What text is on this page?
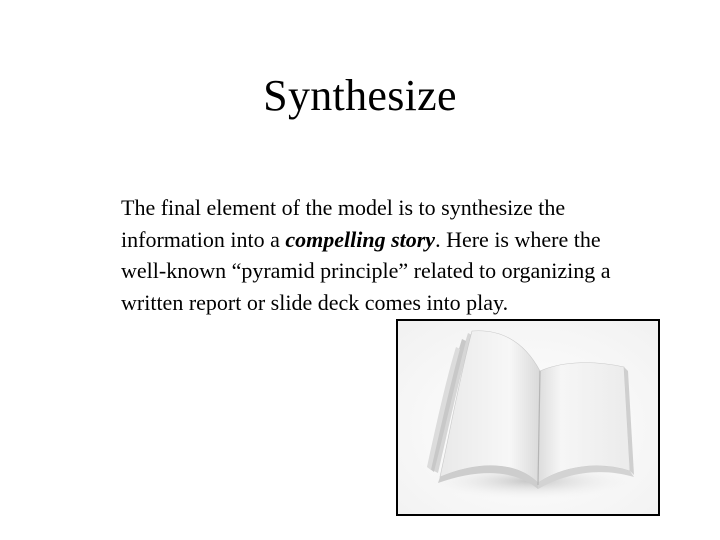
Synthesize
The final element of the model is to synthesize the information into a compelling story. Here is where the well-known “pyramid principle” related to organizing a written report or slide deck comes into play.
